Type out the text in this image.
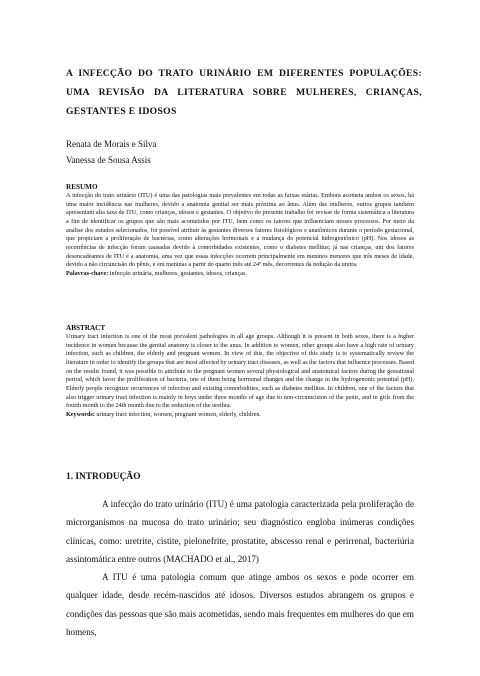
A INFECÇÃO DO TRATO URINÁRIO EM DIFERENTES POPULAÇÕES: UMA REVISÃO DA LITERATURA SOBRE MULHERES, CRIANÇAS, GESTANTES E IDOSOS
Renata de Morais e Silva
Vanessa de Sousa Assis
RESUMO

A infecção do trato urinário (ITU) é uma das patologias mais prevalentes em todas as faixas etárias. Embora acometa ambos os sexos, há uma maior incidência nas mulheres, devido a anatomia genital ser mais próxima ao ânus. Além das mulheres, outros grupos também apresentam alta taxa de ITU, como crianças, idosos e gestantes. O objetivo do presente trabalho foi revisar de forma sistemática a literatura a fim de identificar os grupos que são mais acometidos por ITU, bem como os fatores que influenciam nesses processos. Por meio da análise dos estudos selecionados, foi possível atribuir às gestantes diversos fatores fisiológicos e anatômicos durante o período gestacional, que propiciam a proliferação de bactérias, como alterações hormonais e a mudança do potencial hidrogeniônico (pH). Nos idosos as recorrências de infecção foram causadas devido à comorbidades existentes, como o diabetes mellitus; já nas crianças, um dos fatores desencadeantes de ITU é a anatomia, uma vez que essas infecções ocorrem principalmente em meninos menores que três meses de idade, devido a não circuncisão do pênis, e em meninas a partir do quarto mês até 24º mês, decorrentes da redução da uretra.

Palavras-chave: infecção urinária, mulheres, gestantes, idosos, crianças.

ABSTRACT

Urinary tract infection is one of the most prevalent pathologies in all age groups. Although it is present in both sexes, there is a higher incidence in women because the genital anatomy is closer to the anus. In addition to women, other groups also have a high rate of urinary infection, such as children, the elderly and pregnant women. In view of this, the objective of this study is to systematically review the literature in order to identify the groups that are most affected by urinary tract diseases, as well as the factors that influence processes. Based on the results found, it was possible to attribute to the pregnant women several physiological and anatomical factors during the gestational period, which favor the proliferation of bacteria, one of them being hormonal changes and the change in the hydrogenonic potential (pH). Elderly people recognize recurrences of infection and existing comorbidities, such as diabetes mellitus. In children, one of the factors that also trigger urinary tract infection is mainly in boys under three months of age due to non-circumcision of the penis, and in girls from the fourth month to the 24th month due to the reduction of the urethra.

Keywords: urinary tract infection, women, pregnant women, elderly, children.

1. INTRODUÇÃO
A infecção do trato urinário (ITU) é uma patologia caracterizada pela proliferação de microrganismos na mucosa do trato urinário; seu diagnóstico engloba inúmeras condições clínicas, como: uretrite, cistite, pielonefrite, prostatite, abscesso renal e perirrenal, bacteriúria assintomática entre outros (MACHADO et al., 2017)
A ITU é uma patologia comum que atinge ambos os sexos e pode ocorrer em qualquer idade, desde recém-nascidos até idosos. Diversos estudos abrangem os grupos e condições das pessoas que são mais acometidas, sendo mais frequentes em mulheres do que em homens,
